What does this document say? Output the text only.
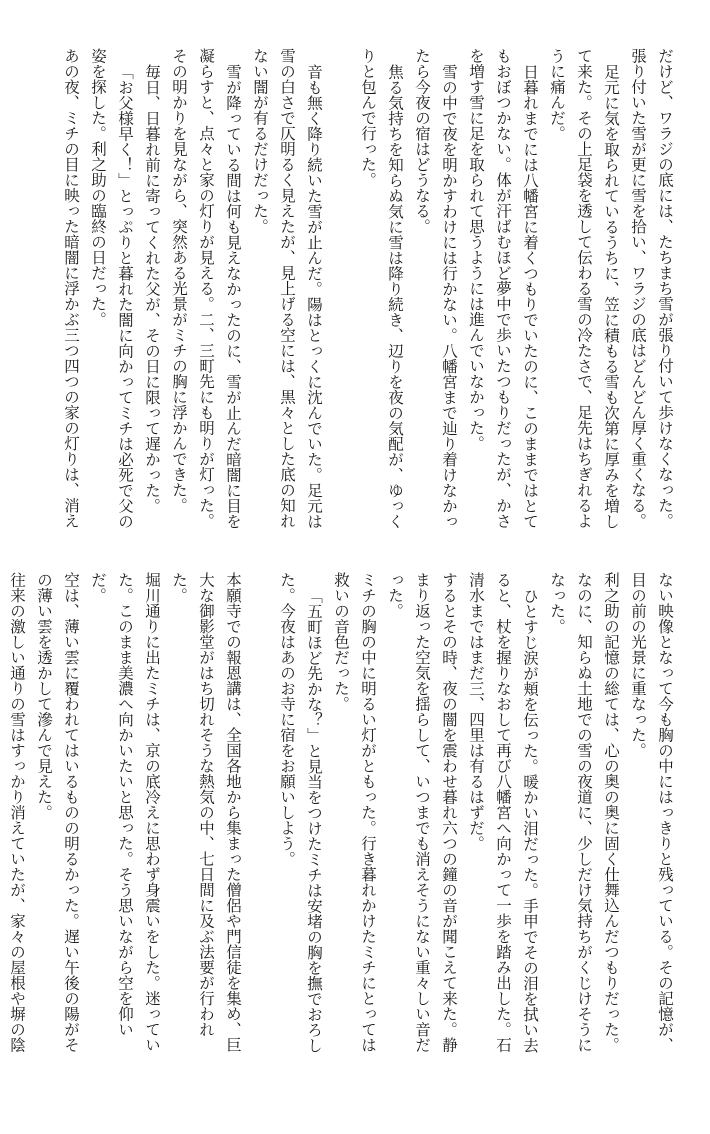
だけど、ワラジの底には、たちまち雪が張り付いて歩けなくなった。張り付いた雪が更に雪を拾い、ワラジの底はどんどん厚く重くなる。

足元に気を取られているうちに、笠に積もる雪も次第に厚みを増して来た。その上足袋を透して伝わる雪の冷たさで、足先はちぎれるように痛んだ。

日暮れまでには八幡宮に着くつもりでいたのに、このままではとてもおぼつかない。体が汗ばむほど夢中で歩いたつもりだったが、かさを増す雪に足を取られて思うようには進んでいなかった。

雪の中で夜を明かすわけには行かない。八幡宮まで辿り着けなかったら今夜の宿はどうなる。

焦る気持ちを知らぬ気に雪は降り続き、辺りを夜の気配が、ゆっくりと包んで行った。

音も無く降り続いた雪が止んだ。陽はとっくに沈んでいた。足元は雪の白さで仄明るく見えたが、見上げる空には、黒々とした底の知れない闇が有るだけだった。

雪が降っている間は何も見えなかったのに、雪が止んだ暗闇に目を凝らすと、点々と家の灯りが見える。二、三町先にも明りが灯った。その明かりを見ながら、突然ある光景がミチの胸に浮かんできた。

毎日、日暮れ前に寄ってくれた父が、その日に限って遅かった。

「お父様早く！」とっぷりと暮れた闇に向かってミチは必死で父の姿を探した。利之助の臨終の日だった。

あの夜、ミチの目に映った暗闇に浮かぶ三つ四つの家の灯りは、消え

ない映像となって今も胸の中にはっきりと残っている。その記憶が、目の前の光景に重なった。

利之助の記憶の総ては、心の奥の奥に固く仕舞込んだつもりだった。なのに、知らぬ土地での雪の夜道に、少しだけ気持ちがくじけそうになった。

ひとすじ涙が頬を伝った。暖かい泪だった。手甲でその泪を拭い去ると、杖を握りなおして再び八幡宮へ向かって一歩を踏み出した。石清水まではまだ三、四里は有るはずだ。

するとその時、夜の闇を震わせ暮れ六つの鐘の音が聞こえて来た。静まり返った空気を揺らして、いつまでも消えそうにない重々しい音だった。

ミチの胸の中に明るい灯がともった。行き暮れかけたミチにとっては救いの音色だった。

「五町ほど先かな？」と見当をつけたミチは安堵の胸を撫でおろした。今夜はあのお寺に宿をお願いしよう。

本願寺での報恩講は、全国各地から集まった僧侶や門信徒を集め、巨大な御影堂がはち切れそうな熱気の中、七日間に及ぶ法要が行われた。

堀川通りに出たミチは、京の底冷えに思わず身震いをした。迷っていた。このまま美濃へ向かいたいと思った。そう思いながら空を仰いだ。

空は、薄い雲に覆われてはいるものの明るかった。遅い午後の陽がその薄い雲を透かして滲んで見えた。

往来の激しい通りの雪はすっかり消えていたが、家々の屋根や塀の陰
